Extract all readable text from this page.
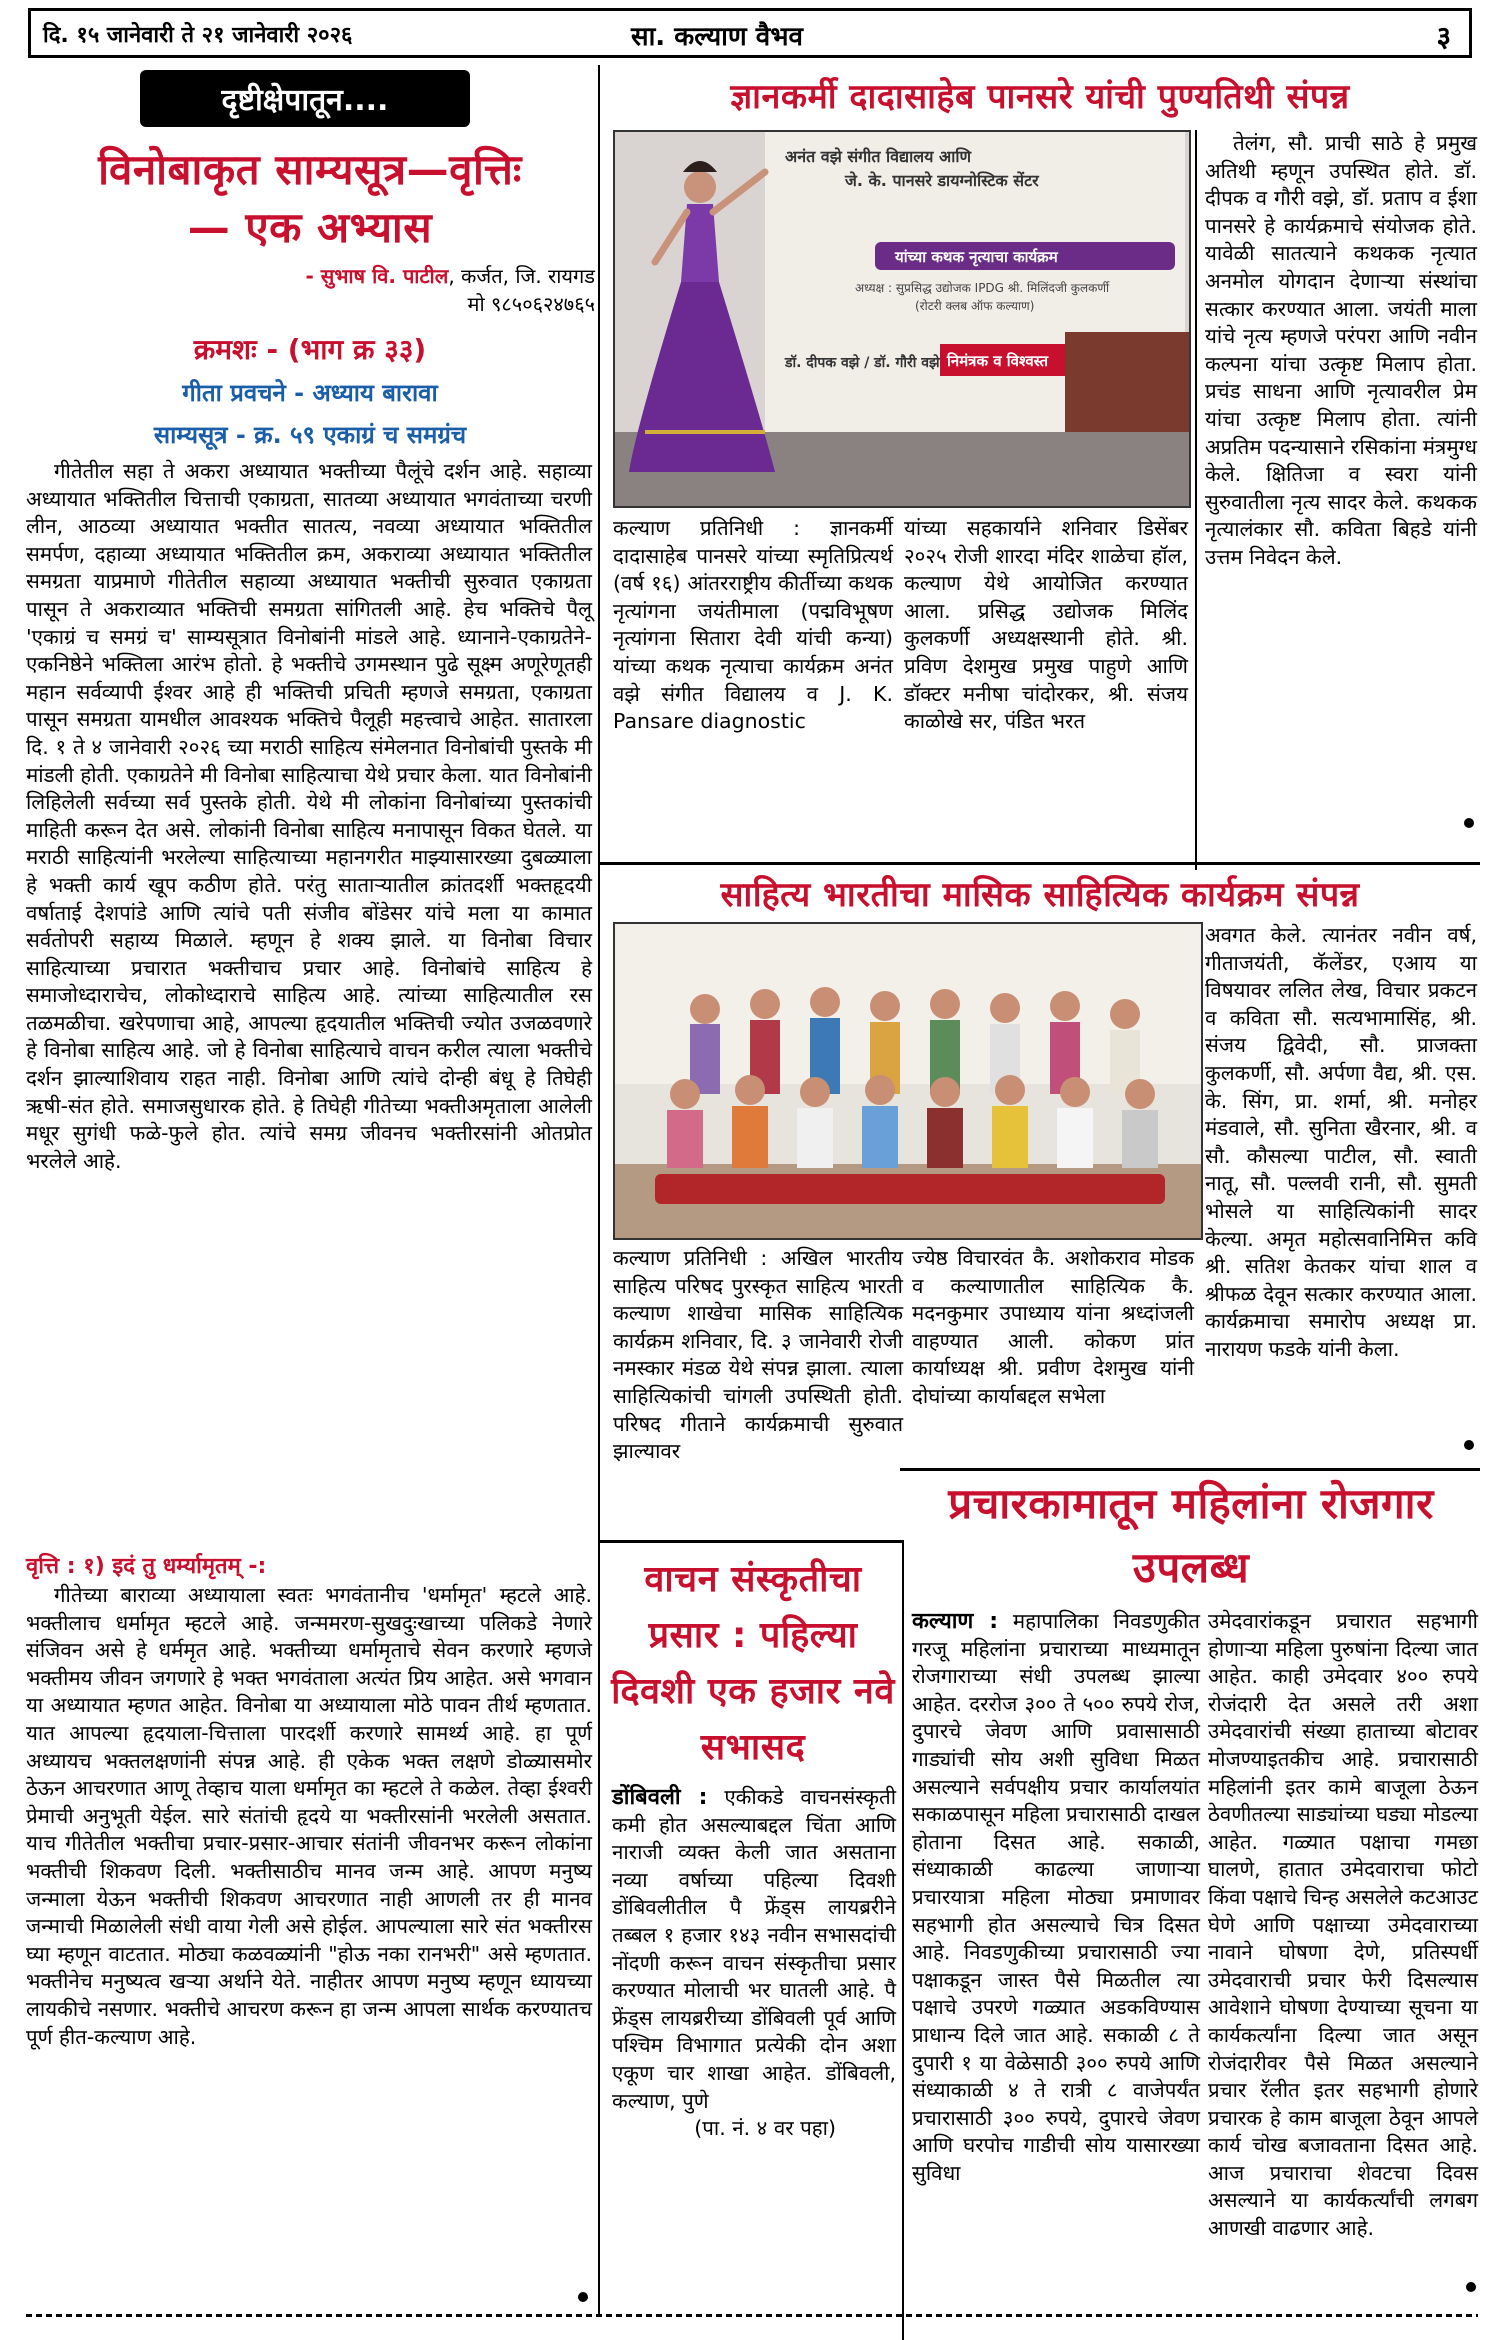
दि. १५ जानेवारी ते २१ जानेवारी २०२६	सा. कल्याण वैभव	३
दृष्टीक्षेपातून....
विनोबाकृत साम्यसूत्र—वृत्तिः
— एक अभ्यास
- सुभाष वि. पाटील, कर्जत, जि. रायगड
मो ९८५०६२४७६५
क्रमशः - (भाग क्र ३३)
गीता प्रवचने - अध्याय बारावा
साम्यसूत्र - क्र. ५९ एकाग्रं च समग्रंच

गीतेतील सहा ते अकरा अध्यायात भक्तीच्या पैलूंचे दर्शन आहे. सहाव्या अध्यायात भक्तितील चित्ताची एकाग्रता, सातव्या अध्यायात भगवंताच्या चरणी लीन, आठव्या अध्यायात भक्तीत सातत्य, नवव्या अध्यायात भक्तितील समर्पण, दहाव्या अध्यायात भक्तितील क्रम, अकराव्या अध्यायात भक्तितील समग्रता याप्रमाणे गीतेतील सहाव्या अध्यायात भक्तीची सुरुवात एकाग्रता पासून ते अकराव्यात भक्तिची समग्रता सांगितली आहे. हेच भक्तिचे पैलू 'एकाग्रं च समग्रं च' साम्यसूत्रात विनोबांनी मांडले आहे. ध्यानाने-एकाग्रतेने-एकनिष्ठेने भक्तिला आरंभ होतो. हे भक्तीचे उगमस्थान पुढे सूक्ष्म अणूरेणूतही महान सर्वव्यापी ईश्वर आहे ही भक्तिची प्रचिती म्हणजे समग्रता, एकाग्रता पासून समग्रता यामधील आवश्यक भक्तिचे पैलूही महत्त्वाचे आहेत. सातारला दि. १ ते ४ जानेवारी २०२६ च्या मराठी साहित्य संमेलनात विनोबांची पुस्तके मी मांडली होती. एकाग्रतेने मी विनोबा साहित्याचा येथे प्रचार केला. यात विनोबांनी लिहिलेली सर्वच्या सर्व पुस्तके होती. येथे मी लोकांना विनोबांच्या पुस्तकांची माहिती करून देत असे. लोकांनी विनोबा साहित्य मनापासून विकत घेतले. या मराठी साहित्यांनी भरलेल्या साहित्याच्या महानगरीत माझ्यासारख्या दुबळ्याला हे भक्ती कार्य खूप कठीण होते. परंतु साताऱ्यातील क्रांतदर्शी भक्तहृदयी वर्षाताई देशपांडे आणि त्यांचे पती संजीव बोंडेसर यांचे मला या कामात सर्वतोपरी सहाय्य मिळाले. म्हणून हे शक्य झाले. या विनोबा विचार साहित्याच्या प्रचारात भक्तीचाच प्रचार आहे. विनोबांचे साहित्य हे समाजोध्दाराचेच, लोकोध्दाराचे साहित्य आहे. त्यांच्या साहित्यातील रस तळमळीचा. खरेपणाचा आहे, आपल्या हृदयातील भक्तिची ज्योत उजळवणारे हे विनोबा साहित्य आहे. जो हे विनोबा साहित्याचे वाचन करील त्याला भक्तीचे दर्शन झाल्याशिवाय राहत नाही. विनोबा आणि त्यांचे दोन्ही बंधू हे तिघेही ऋषी-संत होते. समाजसुधारक होते. हे तिघेही गीतेच्या भक्तीअमृताला आलेली मधूर सुगंधी फळे-फुले होत. त्यांचे समग्र जीवनच भक्तीरसांनी ओतप्रोत भरलेले आहे.

वृत्ति : १) इदं तु धर्म्यामृतम् -:

गीतेच्या बाराव्या अध्यायाला स्वतः भगवंतानीच 'धर्मामृत' म्हटले आहे. भक्तीलाच धर्मामृत म्हटले आहे. जन्ममरण-सुखदुःखाच्या पलिकडे नेणारे संजिवन असे हे धर्ममृत आहे. भक्तीच्या धर्मामृताचे सेवन करणारे म्हणजे भक्तीमय जीवन जगणारे हे भक्त भगवंताला अत्यंत प्रिय आहेत. असे भगवान या अध्यायात म्हणत आहेत. विनोबा या अध्यायाला मोठे पावन तीर्थ म्हणतात. यात आपल्या हृदयाला-चित्ताला पारदर्शी करणारे सामर्थ्य आहे. हा पूर्ण अध्यायच भक्तलक्षणांनी संपन्न आहे. ही एकेक भक्त लक्षणे डोळ्यासमोर ठेऊन आचरणात आणू तेव्हाच याला धर्मामृत का म्हटले ते कळेल. तेव्हा ईश्वरी प्रेमाची अनुभूती येईल. सारे संतांची हृदये या भक्तीरसांनी भरलेली असतात. याच गीतेतील भक्तीचा प्रचार-प्रसार-आचार संतांनी जीवनभर करून लोकांना भक्तीची शिकवण दिली. भक्तीसाठीच मानव जन्म आहे. आपण मनुष्य जन्माला येऊन भक्तीची शिकवण आचरणात नाही आणली तर ही मानव जन्माची मिळालेली संधी वाया गेली असे होईल. आपल्याला सारे संत भक्तीरस घ्या म्हणून वाटतात. मोठ्या कळवळ्यांनी "होऊ नका रानभरी" असे म्हणतात. भक्तीनेच मनुष्यत्व खऱ्या अर्थाने येते. नाहीतर आपण मनुष्य म्हणून ध्यायच्या लायकीचे नसणार. भक्तीचे आचरण करून हा जन्म आपला सार्थक करण्यातच पूर्ण हीत-कल्याण आहे.

ज्ञानकर्मी दादासाहेब पानसरे यांची पुण्यतिथी संपन्न
अनंत वझे संगीत विद्यालय आणि
जे. के. पानसरे डायग्नोस्टिक सेंटर
यांच्या कथक नृत्याचा कार्यक्रम
अध्यक्ष : सुप्रसिद्ध उद्योजक IPDG श्री. मिलिंदजी कुलकर्णी
(रोटरी क्लब ऑफ कल्याण)
डॉ. दीपक वझे / डॉ. गौरी वझे निमंत्रक व विश्वस्त

कल्याण प्रतिनिधी : ज्ञानकर्मी दादासाहेब पानसरे यांच्या स्मृतिप्रित्यर्थ (वर्ष १६) आंतरराष्ट्रीय कीर्तीच्या कथक नृत्यांगना जयंतीमाला (पद्मविभूषण नृत्यांगना सितारा देवी यांची कन्या) यांच्या कथक नृत्याचा कार्यक्रम अनंत वझे संगीत विद्यालय व J. K. Pansare diagnostic

यांच्या सहकार्याने शनिवार डिसेंबर २०२५ रोजी शारदा मंदिर शाळेचा हॉल, कल्याण येथे आयोजित करण्यात आला. प्रसिद्ध उद्योजक मिलिंद कुलकर्णी अध्यक्षस्थानी होते. श्री. प्रविण देशमुख प्रमुख पाहुणे आणि डॉक्टर मनीषा चांदोरकर, श्री. संजय काळोखे सर, पंडित भरत

तेलंग, सौ. प्राची साठे हे प्रमुख अतिथी म्हणून उपस्थित होते. डॉ. दीपक व गौरी वझे, डॉ. प्रताप व ईशा पानसरे हे कार्यक्रमाचे संयोजक होते. यावेळी सातत्याने कथकक नृत्यात अनमोल योगदान देणाऱ्या संस्थांचा सत्कार करण्यात आला. जयंती माला यांचे नृत्य म्हणजे परंपरा आणि नवीन कल्पना यांचा उत्कृष्ट मिलाप होता. प्रचंड साधना आणि नृत्यावरील प्रेम यांचा उत्कृष्ट मिलाप होता. त्यांनी अप्रतिम पदन्यासाने रसिकांना मंत्रमुग्ध केले. क्षितिजा व स्वरा यांनी सुरुवातीला नृत्य सादर केले. कथकक नृत्यालंकार सौ. कविता बिहडे यांनी उत्तम निवेदन केले.

साहित्य भारतीचा मासिक साहित्यिक कार्यक्रम संपन्न

कल्याण प्रतिनिधी : अखिल भारतीय साहित्य परिषद पुरस्कृत साहित्य भारती कल्याण शाखेचा मासिक साहित्यिक कार्यक्रम शनिवार, दि. ३ जानेवारी रोजी नमस्कार मंडळ येथे संपन्न झाला. त्याला साहित्यिकांची चांगली उपस्थिती होती. परिषद गीताने कार्यक्रमाची सुरुवात झाल्यावर

ज्येष्ठ विचारवंत कै. अशोकराव मोडक व कल्याणातील साहित्यिक कै. मदनकुमार उपाध्याय यांना श्रध्दांजली वाहण्यात आली. कोकण प्रांत कार्याध्यक्ष श्री. प्रवीण देशमुख यांनी दोघांच्या कार्याबद्दल सभेला

अवगत केले. त्यानंतर नवीन वर्ष, गीताजयंती, कॅलेंडर, एआय या विषयावर ललित लेख, विचार प्रकटन व कविता सौ. सत्यभामासिंह, श्री. संजय द्विवेदी, सौ. प्राजक्ता कुलकर्णी, सौ. अर्पणा वैद्य, श्री. एस. के. सिंग, प्रा. शर्मा, श्री. मनोहर मंडवाले, सौ. सुनिता खैरनार, श्री. व सौ. कौसल्या पाटील, सौ. स्वाती नातू, सौ. पल्लवी रानी, सौ. सुमती भोसले या साहित्यिकांनी सादर केल्या. अमृत महोत्सवानिमित्त कवि श्री. सतिश केतकर यांचा शाल व श्रीफळ देवून सत्कार करण्यात आला. कार्यक्रमाचा समारोप अध्यक्ष प्रा. नारायण फडके यांनी केला.

वाचन संस्कृतीचा प्रसार : पहिल्या दिवशी एक हजार नवे सभासद

डोंबिवली : एकीकडे वाचनसंस्कृती कमी होत असल्याबद्दल चिंता आणि नाराजी व्यक्त केली जात असताना नव्या वर्षाच्या पहिल्या दिवशी डोंबिवलीतील पै फ्रेंड्स लायब्ररीने तब्बल १ हजार १४३ नवीन सभासदांची नोंदणी करून वाचन संस्कृतीचा प्रसार करण्यात मोलाची भर घातली आहे. पै फ्रेंड्स लायब्ररीच्या डोंबिवली पूर्व आणि पश्चिम विभागात प्रत्येकी दोन अशा एकूण चार शाखा आहेत. डोंबिवली, कल्याण, पुणे

(पा. नं. ४ वर पहा)

प्रचारकामातून महिलांना रोजगार उपलब्ध

कल्याण : महापालिका निवडणुकीत गरजू महिलांना प्रचाराच्या माध्यमातून रोजगाराच्या संधी उपलब्ध झाल्या आहेत. दररोज ३०० ते ५०० रुपये रोज, दुपारचे जेवण आणि प्रवासासाठी गाड्यांची सोय अशी सुविधा मिळत असल्याने सर्वपक्षीय प्रचार कार्यालयांत सकाळपासून महिला प्रचारासाठी दाखल होताना दिसत आहे. सकाळी, संध्याकाळी काढल्या जाणाऱ्या प्रचारयात्रा महिला मोठ्या प्रमाणावर सहभागी होत असल्याचे चित्र दिसत आहे. निवडणुकीच्या प्रचारासाठी ज्या पक्षाकडून जास्त पैसे मिळतील त्या पक्षाचे उपरणे गळ्यात अडकविण्यास प्राधान्य दिले जात आहे. सकाळी ८ ते दुपारी १ या वेळेसाठी ३०० रुपये आणि संध्याकाळी ४ ते रात्री ८ वाजेपर्यंत प्रचारासाठी ३०० रुपये, दुपारचे जेवण आणि घरपोच गाडीची सोय यासारख्या सुविधा

उमेदवारांकडून प्रचारात सहभागी होणाऱ्या महिला पुरुषांना दिल्या जात आहेत. काही उमेदवार ४०० रुपये रोजंदारी देत असले तरी अशा उमेदवारांची संख्या हाताच्या बोटावर मोजण्याइतकीच आहे. प्रचारासाठी महिलांनी इतर कामे बाजूला ठेऊन ठेवणीतल्या साड्यांच्या घड्या मोडल्या आहेत. गळ्यात पक्षाचा गमछा घालणे, हातात उमेदवाराचा फोटो किंवा पक्षाचे चिन्ह असलेले कटआउट घेणे आणि पक्षाच्या उमेदवाराच्या नावाने घोषणा देणे, प्रतिस्पर्धी उमेदवाराची प्रचार फेरी दिसल्यास आवेशाने घोषणा देण्याच्या सूचना या कार्यकर्त्यांना दिल्या जात असून रोजंदारीवर पैसे मिळत असल्याने प्रचार रॅलीत इतर सहभागी होणारे प्रचारक हे काम बाजूला ठेवून आपले कार्य चोख बजावताना दिसत आहे. आज प्रचाराचा शेवटचा दिवस असल्याने या कार्यकर्त्यांची लगबग आणखी वाढणार आहे.
